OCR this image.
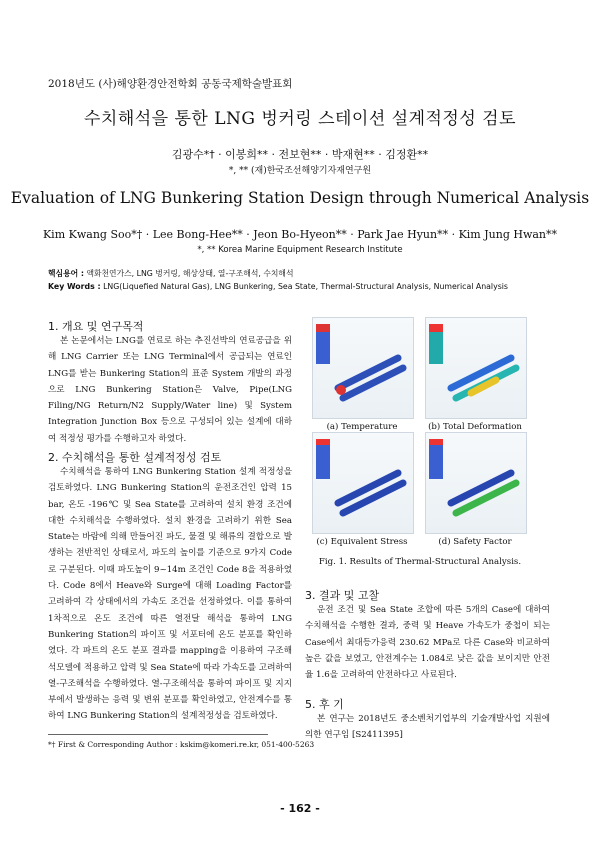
2018년도 (사)해양환경안전학회 공동국제학술발표회
수치해석을 통한 LNG 벙커링 스테이션 설계적정성 검토
김광수*† · 이봉희** · 전보현** · 박재현** · 김정환**
*, ** (재)한국조선해양기자재연구원
Evaluation of LNG Bunkering Station Design through Numerical Analysis
Kim Kwang Soo*† · Lee Bong-Hee** · Jeon Bo-Hyeon** · Park Jae Hyun** · Kim Jung Hwan**
*, ** Korea Marine Equipment Research Institute
핵심용어 : 액화천연가스, LNG 벙커링, 해상상태, 열-구조해석, 수치해석
Key Words : LNG(Liquefied Natural Gas), LNG Bunkering, Sea State, Thermal-Structural Analysis, Numerical Analysis
1. 개요 및 연구목적

본 논문에서는 LNG를 연료로 하는 추진선박의 연료공급을 위해 LNG Carrier 또는 LNG Terminal에서 공급되는 연료인 LNG를 받는 Bunkering Station의 표준 System 개발의 과정으로 LNG Bunkering Station은 Valve, Pipe(LNG Filing/NG Return/N2 Supply/Water line) 및 System Integration Junction Box 등으로 구성되어 있는 설계에 대하여 적정성 평가를 수행하고자 하였다.

2. 수치해석을 통한 설계적정성 검토

수치해석을 통하여 LNG Bunkering Station 설계 적정성을 검토하였다. LNG Bunkering Station의 운전조건인 압력 15 bar, 온도 -196℃ 및 Sea State를 고려하여 설치 환경 조건에 대한 수치해석을 수행하였다. 설치 환경을 고려하기 위한 Sea State는 바람에 의해 만들어진 파도, 물결 및 해류의 결합으로 발생하는 전반적인 상태로서, 파도의 높이를 기준으로 9가지 Code로 구분된다. 이때 파도높이 9~14m 조건인 Code 8을 적용하였다. Code 8에서 Heave와 Surge에 대해 Loading Factor를 고려하여 각 상태에서의 가속도 조건을 선정하였다. 이를 통하여 1차적으로 온도 조건에 따른 열전달 해석을 통하여 LNG Bunkering Station의 파이프 및 서포터에 온도 분포를 확인하였다. 각 파트의 온도 분포 결과를 mapping을 이용하여 구조해석모델에 적용하고 압력 및 Sea State에 따라 가속도를 고려하여 열-구조해석을 수행하였다. 열-구조해석을 통하여 파이프 및 지지부에서 발생하는 응력 및 변위 분포를 확인하였고, 안전계수를 통하여 LNG Bunkering Station의 설계적정성을 검토하였다.

(a) Temperature	(b) Total Deformation
(c) Equivalent Stress	(d) Safety Factor
Fig. 1. Results of Thermal-Structural Analysis.
3. 결과 및 고찰

운전 조건 및 Sea State 조합에 따른 5개의 Case에 대하여 수치해석을 수행한 결과, 중력 및 Heave 가속도가 중첩이 되는 Case에서 최대등가응력 230.62 MPa로 다른 Case와 비교하여 높은 값을 보였고, 안전계수는 1.084로 낮은 값을 보이지만 안전율 1.6을 고려하여 안전하다고 사료된다.

5. 후 기

본 연구는 2018년도 중소벤처기업부의 기술개발사업 지원에 의한 연구임 [S2411395]

*† First & Corresponding Author : kskim@komeri.re.kr, 051-400-5263
- 162 -
